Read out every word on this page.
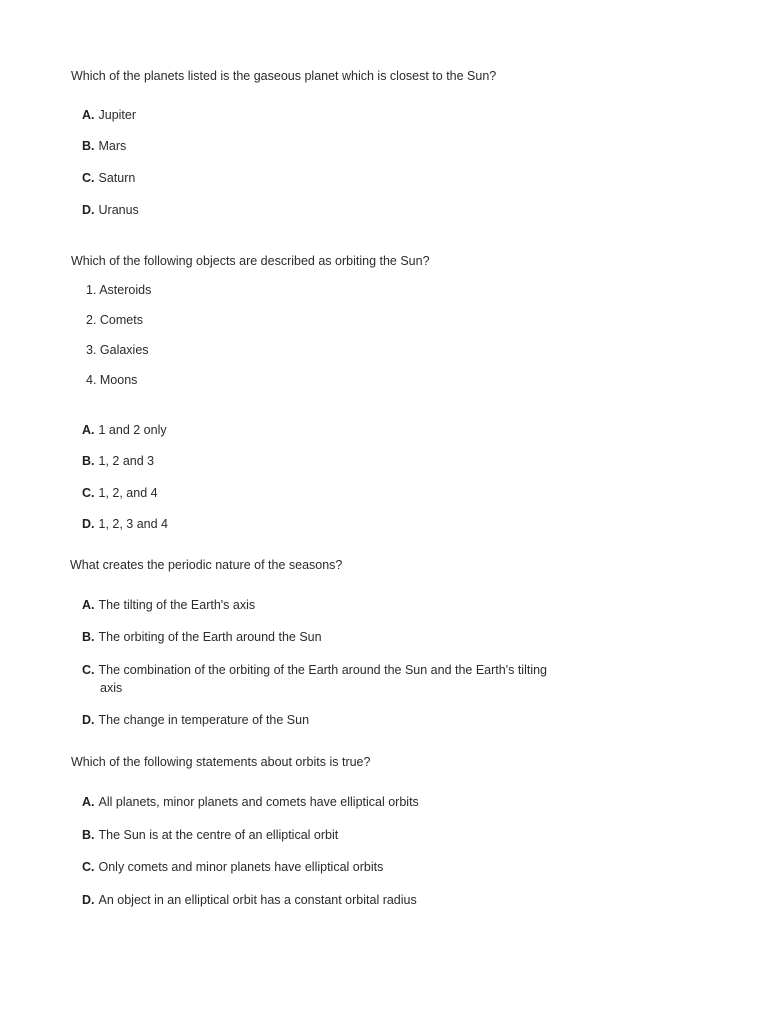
Which of the planets listed is the gaseous planet which is closest to the Sun?
A. Jupiter
B. Mars
C. Saturn
D. Uranus
Which of the following objects are described as orbiting the Sun?
1. Asteroids
2. Comets
3. Galaxies
4. Moons
A. 1 and 2 only
B. 1, 2 and 3
C. 1, 2, and 4
D. 1, 2, 3 and 4
What creates the periodic nature of the seasons?
A. The tilting of the Earth's axis
B. The orbiting of the Earth around the Sun
C. The combination of the orbiting of the Earth around the Sun and the Earth's tilting
axis
D. The change in temperature of the Sun
Which of the following statements about orbits is true?
A. All planets, minor planets and comets have elliptical orbits
B. The Sun is at the centre of an elliptical orbit
C. Only comets and minor planets have elliptical orbits
D. An object in an elliptical orbit has a constant orbital radius
